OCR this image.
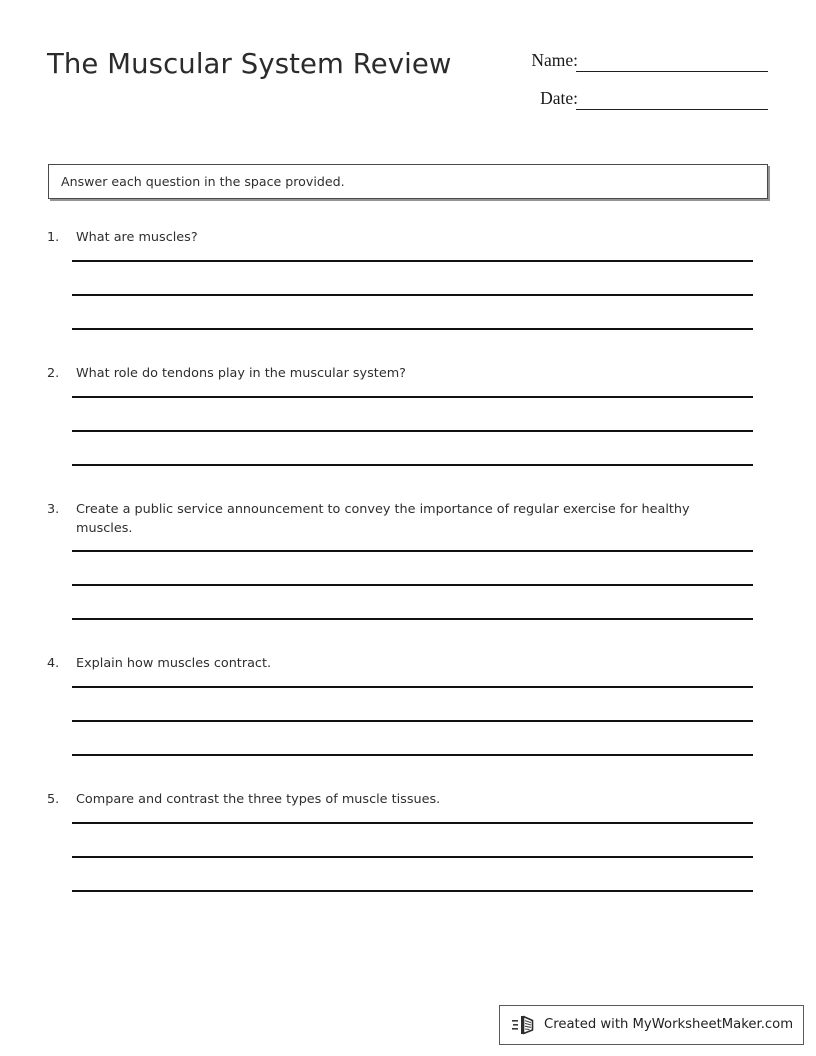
The Muscular System Review	Name:
Date:
Answer each question in the space provided.
1.	What are muscles?
2.	What role do tendons play in the muscular system?
3.	Create a public service announcement to convey the importance of regular exercise for healthy muscles.
4.	Explain how muscles contract.
5.	Compare and contrast the three types of muscle tissues.
Created with MyWorksheetMaker.com
